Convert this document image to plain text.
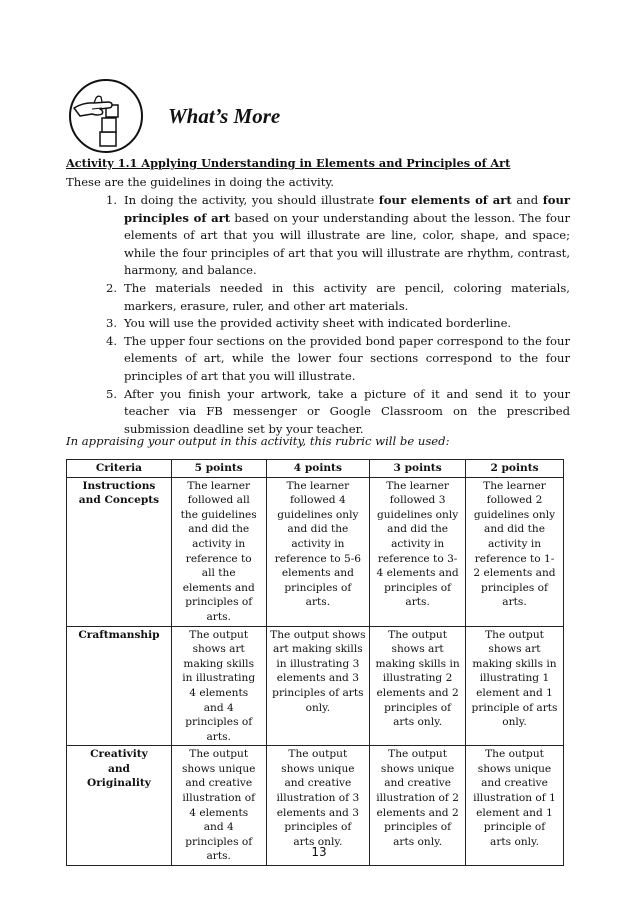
What’s More

Activity 1.1 Applying Understanding in Elements and Principles of Art

These are the guidelines in doing the activity.

1. In doing the activity, you should illustrate four elements of art and four principles of art based on your understanding about the lesson. The four elements of art that you will illustrate are line, color, shape, and space; while the four principles of art that you will illustrate are rhythm, contrast, harmony, and balance.
2. The materials needed in this activity are pencil, coloring materials, markers, erasure, ruler, and other art materials.
3. You will use the provided activity sheet with indicated borderline.
4. The upper four sections on the provided bond paper correspond to the four elements of art, while the lower four sections correspond to the four principles of art that you will illustrate.
5. After you finish your artwork, take a picture of it and send it to your teacher via FB messenger or Google Classroom on the prescribed submission deadline set by your teacher.

In appraising your output in this activity, this rubric will be used:

Criteria	5 points	4 points	3 points	2 points
Instructions and Concepts	The learner followed all the guidelines and did the activity in reference to all the elements and principles of arts.	The learner followed 4 guidelines only and did the activity in reference to 5-6 elements and principles of arts.	The learner followed 3 guidelines only and did the activity in reference to 3-4 elements and principles of arts.	The learner followed 2 guidelines only and did the activity in reference to 1-2 elements and principles of arts.
Craftmanship	The output shows art making skills in illustrating 4 elements and 4 principles of arts.	The output shows art making skills in illustrating 3 elements and 3 principles of arts only.	The output shows art making skills in illustrating 2 elements and 2 principles of arts only.	The output shows art making skills in illustrating 1 element and 1 principle of arts only.
Creativity and Originality	The output shows unique and creative illustration of 4 elements and 4 principles of arts.	The output shows unique and creative illustration of 3 elements and 3 principles of arts only.	The output shows unique and creative illustration of 2 elements and 2 principles of arts only.	The output shows unique and creative illustration of 1 element and 1 principle of arts only.

13
